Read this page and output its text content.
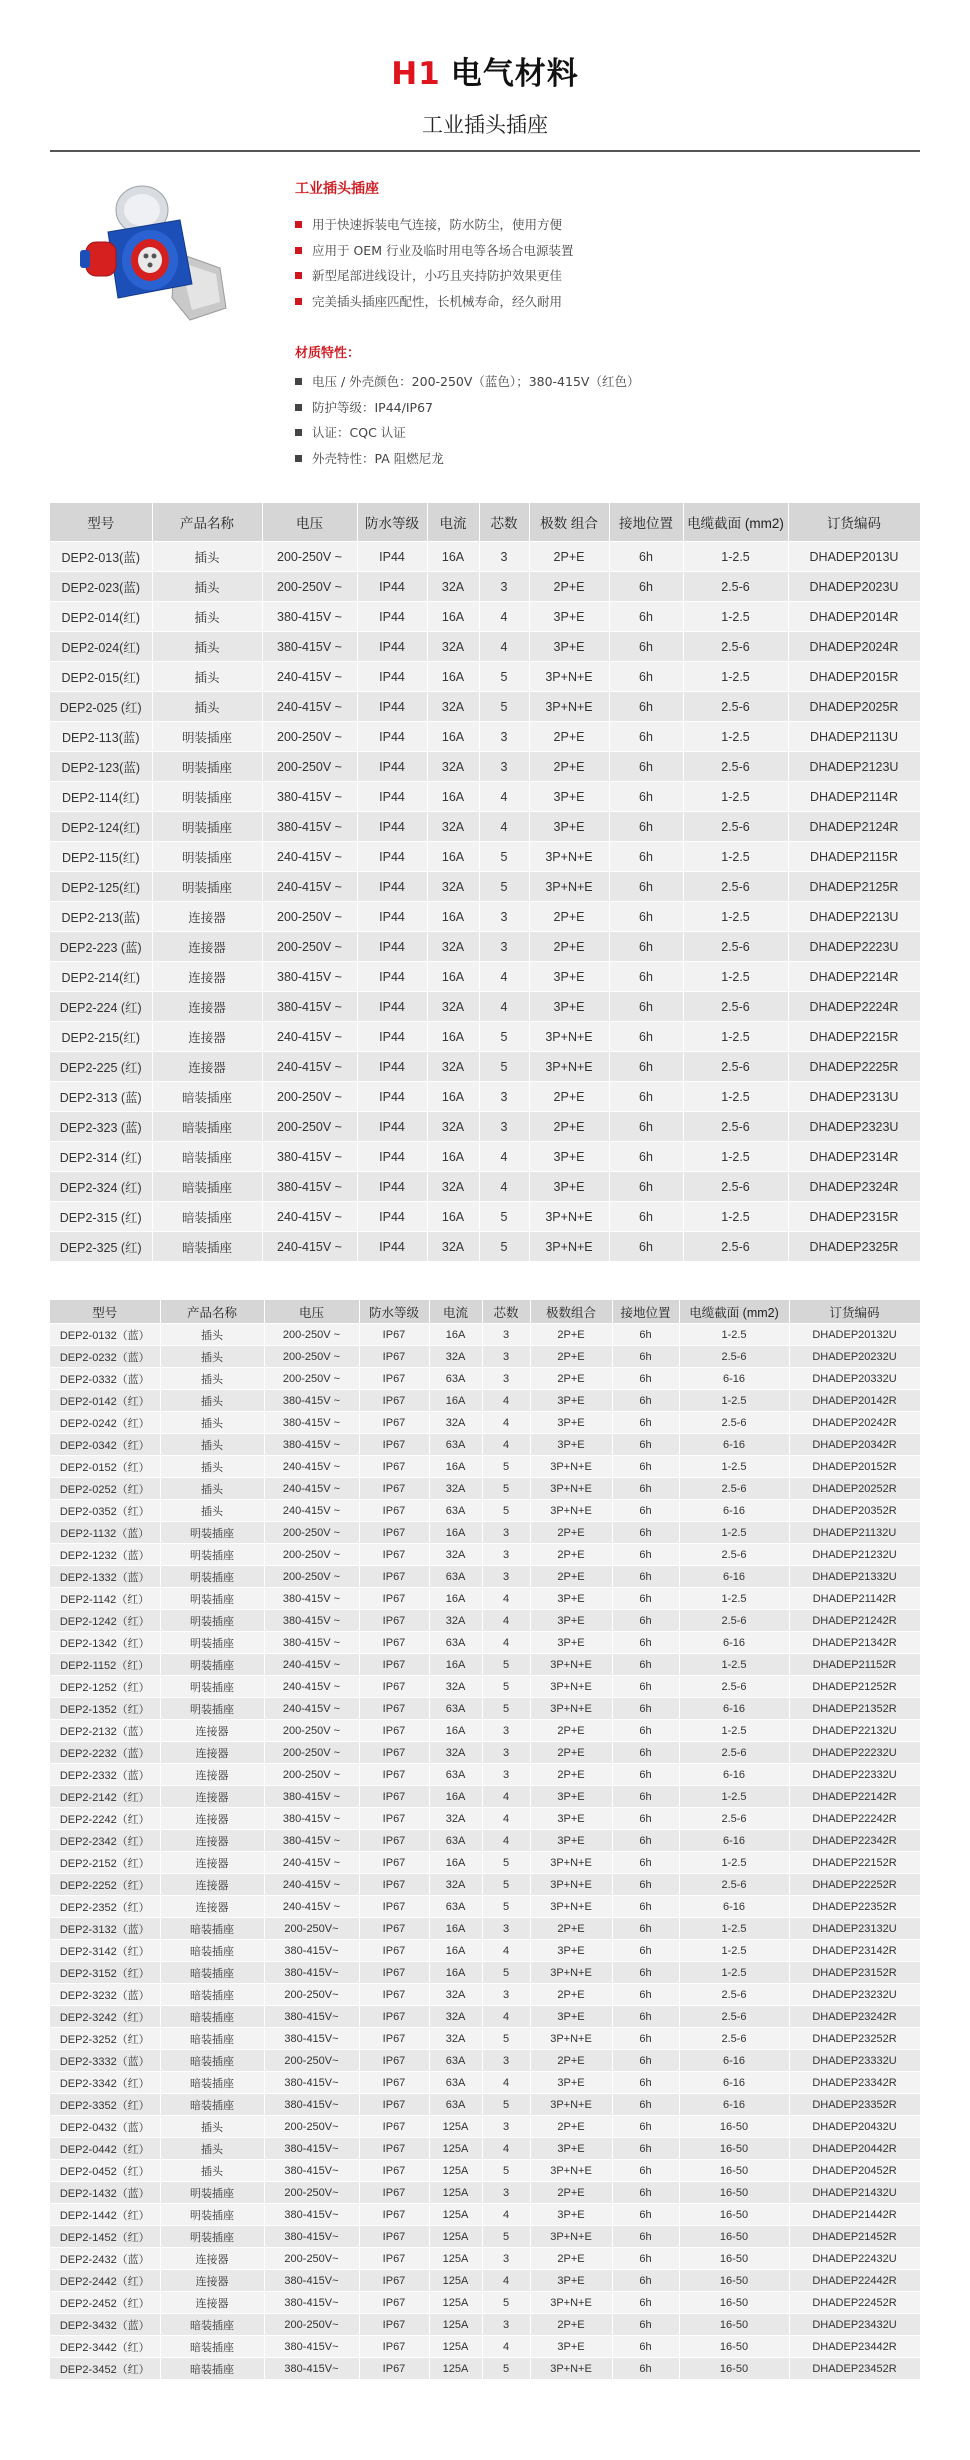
H1 电气材料
工业插头插座
工业插头插座
用于快速拆装电气连接，防水防尘，使用方便
应用于 OEM 行业及临时用电等各场合电源装置
新型尾部进线设计，小巧且夹持防护效果更佳
完美插头插座匹配性，长机械寿命，经久耐用
材质特性：
电压 / 外壳颜色：200-250V（蓝色）；380-415V（红色）
防护等级：IP44/IP67
认证：CQC 认证
外壳特性：PA 阻燃尼龙
型号	产品名称	电压	防水等级	电流	芯数	极数 组合	接地位置	电缆截面 (mm2)	订货编码
DEP2-013(蓝)	插头	200-250V ~	IP44	16A	3	2P+E	6h	1-2.5	DHADEP2013U
DEP2-023(蓝)	插头	200-250V ~	IP44	32A	3	2P+E	6h	2.5-6	DHADEP2023U
DEP2-014(红)	插头	380-415V ~	IP44	16A	4	3P+E	6h	1-2.5	DHADEP2014R
DEP2-024(红)	插头	380-415V ~	IP44	32A	4	3P+E	6h	2.5-6	DHADEP2024R
DEP2-015(红)	插头	240-415V ~	IP44	16A	5	3P+N+E	6h	1-2.5	DHADEP2015R
DEP2-025 (红)	插头	240-415V ~	IP44	32A	5	3P+N+E	6h	2.5-6	DHADEP2025R
DEP2-113(蓝)	明装插座	200-250V ~	IP44	16A	3	2P+E	6h	1-2.5	DHADEP2113U
DEP2-123(蓝)	明装插座	200-250V ~	IP44	32A	3	2P+E	6h	2.5-6	DHADEP2123U
DEP2-114(红)	明装插座	380-415V ~	IP44	16A	4	3P+E	6h	1-2.5	DHADEP2114R
DEP2-124(红)	明装插座	380-415V ~	IP44	32A	4	3P+E	6h	2.5-6	DHADEP2124R
DEP2-115(红)	明装插座	240-415V ~	IP44	16A	5	3P+N+E	6h	1-2.5	DHADEP2115R
DEP2-125(红)	明装插座	240-415V ~	IP44	32A	5	3P+N+E	6h	2.5-6	DHADEP2125R
DEP2-213(蓝)	连接器	200-250V ~	IP44	16A	3	2P+E	6h	1-2.5	DHADEP2213U
DEP2-223 (蓝)	连接器	200-250V ~	IP44	32A	3	2P+E	6h	2.5-6	DHADEP2223U
DEP2-214(红)	连接器	380-415V ~	IP44	16A	4	3P+E	6h	1-2.5	DHADEP2214R
DEP2-224 (红)	连接器	380-415V ~	IP44	32A	4	3P+E	6h	2.5-6	DHADEP2224R
DEP2-215(红)	连接器	240-415V ~	IP44	16A	5	3P+N+E	6h	1-2.5	DHADEP2215R
DEP2-225 (红)	连接器	240-415V ~	IP44	32A	5	3P+N+E	6h	2.5-6	DHADEP2225R
DEP2-313 (蓝)	暗装插座	200-250V ~	IP44	16A	3	2P+E	6h	1-2.5	DHADEP2313U
DEP2-323 (蓝)	暗装插座	200-250V ~	IP44	32A	3	2P+E	6h	2.5-6	DHADEP2323U
DEP2-314 (红)	暗装插座	380-415V ~	IP44	16A	4	3P+E	6h	1-2.5	DHADEP2314R
DEP2-324 (红)	暗装插座	380-415V ~	IP44	32A	4	3P+E	6h	2.5-6	DHADEP2324R
DEP2-315 (红)	暗装插座	240-415V ~	IP44	16A	5	3P+N+E	6h	1-2.5	DHADEP2315R
DEP2-325 (红)	暗装插座	240-415V ~	IP44	32A	5	3P+N+E	6h	2.5-6	DHADEP2325R
型号	产品名称	电压	防水等级	电流	芯数	极数组合	接地位置	电缆截面 (mm2)	订货编码
DEP2-0132（蓝）	插头	200-250V ~	IP67	16A	3	2P+E	6h	1-2.5	DHADEP20132U
DEP2-0232（蓝）	插头	200-250V ~	IP67	32A	3	2P+E	6h	2.5-6	DHADEP20232U
DEP2-0332（蓝）	插头	200-250V ~	IP67	63A	3	2P+E	6h	6-16	DHADEP20332U
DEP2-0142（红）	插头	380-415V ~	IP67	16A	4	3P+E	6h	1-2.5	DHADEP20142R
DEP2-0242（红）	插头	380-415V ~	IP67	32A	4	3P+E	6h	2.5-6	DHADEP20242R
DEP2-0342（红）	插头	380-415V ~	IP67	63A	4	3P+E	6h	6-16	DHADEP20342R
DEP2-0152（红）	插头	240-415V ~	IP67	16A	5	3P+N+E	6h	1-2.5	DHADEP20152R
DEP2-0252（红）	插头	240-415V ~	IP67	32A	5	3P+N+E	6h	2.5-6	DHADEP20252R
DEP2-0352（红）	插头	240-415V ~	IP67	63A	5	3P+N+E	6h	6-16	DHADEP20352R
DEP2-1132（蓝）	明装插座	200-250V ~	IP67	16A	3	2P+E	6h	1-2.5	DHADEP21132U
DEP2-1232（蓝）	明装插座	200-250V ~	IP67	32A	3	2P+E	6h	2.5-6	DHADEP21232U
DEP2-1332（蓝）	明装插座	200-250V ~	IP67	63A	3	2P+E	6h	6-16	DHADEP21332U
DEP2-1142（红）	明装插座	380-415V ~	IP67	16A	4	3P+E	6h	1-2.5	DHADEP21142R
DEP2-1242（红）	明装插座	380-415V ~	IP67	32A	4	3P+E	6h	2.5-6	DHADEP21242R
DEP2-1342（红）	明装插座	380-415V ~	IP67	63A	4	3P+E	6h	6-16	DHADEP21342R
DEP2-1152（红）	明装插座	240-415V ~	IP67	16A	5	3P+N+E	6h	1-2.5	DHADEP21152R
DEP2-1252（红）	明装插座	240-415V ~	IP67	32A	5	3P+N+E	6h	2.5-6	DHADEP21252R
DEP2-1352（红）	明装插座	240-415V ~	IP67	63A	5	3P+N+E	6h	6-16	DHADEP21352R
DEP2-2132（蓝）	连接器	200-250V ~	IP67	16A	3	2P+E	6h	1-2.5	DHADEP22132U
DEP2-2232（蓝）	连接器	200-250V ~	IP67	32A	3	2P+E	6h	2.5-6	DHADEP22232U
DEP2-2332（蓝）	连接器	200-250V ~	IP67	63A	3	2P+E	6h	6-16	DHADEP22332U
DEP2-2142（红）	连接器	380-415V ~	IP67	16A	4	3P+E	6h	1-2.5	DHADEP22142R
DEP2-2242（红）	连接器	380-415V ~	IP67	32A	4	3P+E	6h	2.5-6	DHADEP22242R
DEP2-2342（红）	连接器	380-415V ~	IP67	63A	4	3P+E	6h	6-16	DHADEP22342R
DEP2-2152（红）	连接器	240-415V ~	IP67	16A	5	3P+N+E	6h	1-2.5	DHADEP22152R
DEP2-2252（红）	连接器	240-415V ~	IP67	32A	5	3P+N+E	6h	2.5-6	DHADEP22252R
DEP2-2352（红）	连接器	240-415V ~	IP67	63A	5	3P+N+E	6h	6-16	DHADEP22352R
DEP2-3132（蓝）	暗装插座	200-250V~	IP67	16A	3	2P+E	6h	1-2.5	DHADEP23132U
DEP2-3142（红）	暗装插座	380-415V~	IP67	16A	4	3P+E	6h	1-2.5	DHADEP23142R
DEP2-3152（红）	暗装插座	380-415V~	IP67	16A	5	3P+N+E	6h	1-2.5	DHADEP23152R
DEP2-3232（蓝）	暗装插座	200-250V~	IP67	32A	3	2P+E	6h	2.5-6	DHADEP23232U
DEP2-3242（红）	暗装插座	380-415V~	IP67	32A	4	3P+E	6h	2.5-6	DHADEP23242R
DEP2-3252（红）	暗装插座	380-415V~	IP67	32A	5	3P+N+E	6h	2.5-6	DHADEP23252R
DEP2-3332（蓝）	暗装插座	200-250V~	IP67	63A	3	2P+E	6h	6-16	DHADEP23332U
DEP2-3342（红）	暗装插座	380-415V~	IP67	63A	4	3P+E	6h	6-16	DHADEP23342R
DEP2-3352（红）	暗装插座	380-415V~	IP67	63A	5	3P+N+E	6h	6-16	DHADEP23352R
DEP2-0432（蓝）	插头	200-250V~	IP67	125A	3	2P+E	6h	16-50	DHADEP20432U
DEP2-0442（红）	插头	380-415V~	IP67	125A	4	3P+E	6h	16-50	DHADEP20442R
DEP2-0452（红）	插头	380-415V~	IP67	125A	5	3P+N+E	6h	16-50	DHADEP20452R
DEP2-1432（蓝）	明装插座	200-250V~	IP67	125A	3	2P+E	6h	16-50	DHADEP21432U
DEP2-1442（红）	明装插座	380-415V~	IP67	125A	4	3P+E	6h	16-50	DHADEP21442R
DEP2-1452（红）	明装插座	380-415V~	IP67	125A	5	3P+N+E	6h	16-50	DHADEP21452R
DEP2-2432（蓝）	连接器	200-250V~	IP67	125A	3	2P+E	6h	16-50	DHADEP22432U
DEP2-2442（红）	连接器	380-415V~	IP67	125A	4	3P+E	6h	16-50	DHADEP22442R
DEP2-2452（红）	连接器	380-415V~	IP67	125A	5	3P+N+E	6h	16-50	DHADEP22452R
DEP2-3432（蓝）	暗装插座	200-250V~	IP67	125A	3	2P+E	6h	16-50	DHADEP23432U
DEP2-3442（红）	暗装插座	380-415V~	IP67	125A	4	3P+E	6h	16-50	DHADEP23442R
DEP2-3452（红）	暗装插座	380-415V~	IP67	125A	5	3P+N+E	6h	16-50	DHADEP23452R
